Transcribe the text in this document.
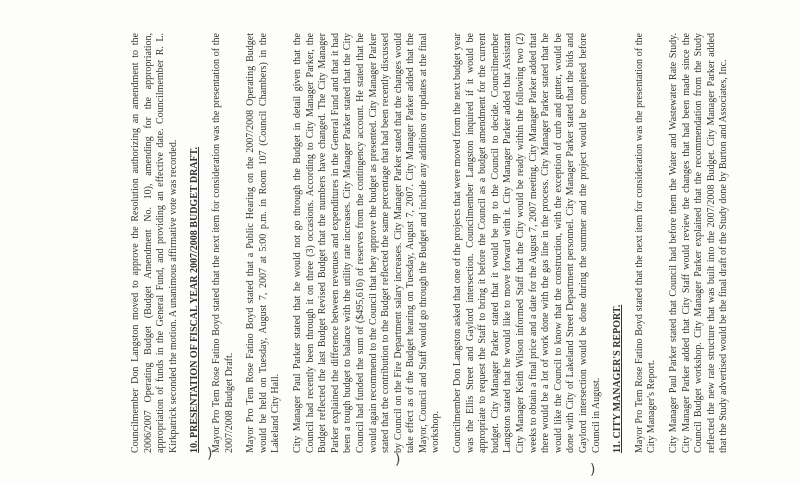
Councilmember Don Langston moved to approve the Resolution authorizing an amendment to the 2006/2007 Operating Budget (Budget Amendment No. 10), amending for the appropriation, appropriation of funds in the General Fund, and providing an effective date. Councilmember R. L. Kirkpatrick seconded the motion. A unanimous affirmative vote was recorded. 10. PRESENTATION OF FISCAL YEAR 2007/2008 BUDGET DRAFT. Mayor Pro Tem Rose Fatino Boyd stated that the next item for consideration was the presentation of the 2007/2008 Budget Draft. Mayor Pro Tem Rose Fatino Boyd stated that a Public Hearing on the 2007/2008 Operating Budget would be held on Tuesday, August 7, 2007 at 5:00 p.m. in Room 107 (Council Chambers) in the Lakeland City Hall. City Manager Paul Parker stated that he would not go through the Budget in detail given that the Council had recently been through it on three (3) occasions. According to City Manager Parker, the Budget reflected the last Budget Revised Budget that the numbers have changed. The City Manager Parker explained the difference between revenues and expenditures in the General Fund and that it had been a tough budget to balance with the utility rate increases. City Manager Parker stated that the City Council had funded the sum of ($495,616) of reserves from the contingency account. He stated that he would again recommend to the Council that they approve the budget as presented. City Manager Parker stated that the contribution to the Budget reflected the same percentage that had been recently discussed by Council on the Fire Department salary increases. City Manager Parker stated that the changes would take effect as of the Budget hearing on Tuesday, August 7, 2007. City Manager Parker added that the Mayor, Council and Staff would go through the Budget and include any additions or updates at the final workshop. Councilmember Don Langston asked that one of the projects that were moved from the next budget year was the Ellis Street and Gaylord intersection. Councilmember Langston inquired if it would be appropriate to request the Staff to bring it before the Council as a budget amendment for the current budget. City Manager Parker stated that it would be up to the Council to decide. Councilmember Langston stated that he would like to move forward with it. City Manager Parker added that Assistant City Manager Keith Wilson informed Staff that the City would be ready within the following two (2) weeks to obtain a final price and a date for the August 7, 2007 meeting. City Manager Parker added that there would be a lot of work done with the gas line in the process. City Manager Parker stated that he would like the Council to know that the construction, with the exception of curb and gutter, would be done with City of Lakeland Street Department personnel. City Manager Parker stated that the bids and Gaylord intersection would be done during the summer and the project would be completed before Council in August. 11. CITY MANAGER'S REPORT. Mayor Pro Tem Rose Fatino Boyd stated that the next item for consideration was the presentation of the City Manager's Report. City Manager Paul Parker stated that Council had before them the Water and Wastewater Rate Study. City Manager Parker added that City Staff would review the changes that had been made since the Council Budget workshop. City Manager Parker explained that the recommendation from the Study reflected the new rate structure that was built into the 2007/2008 Budget. City Manager Parker added that the Study advertised would be the final draft of the Study done by Burton and Associates, Inc.

)	)
)
